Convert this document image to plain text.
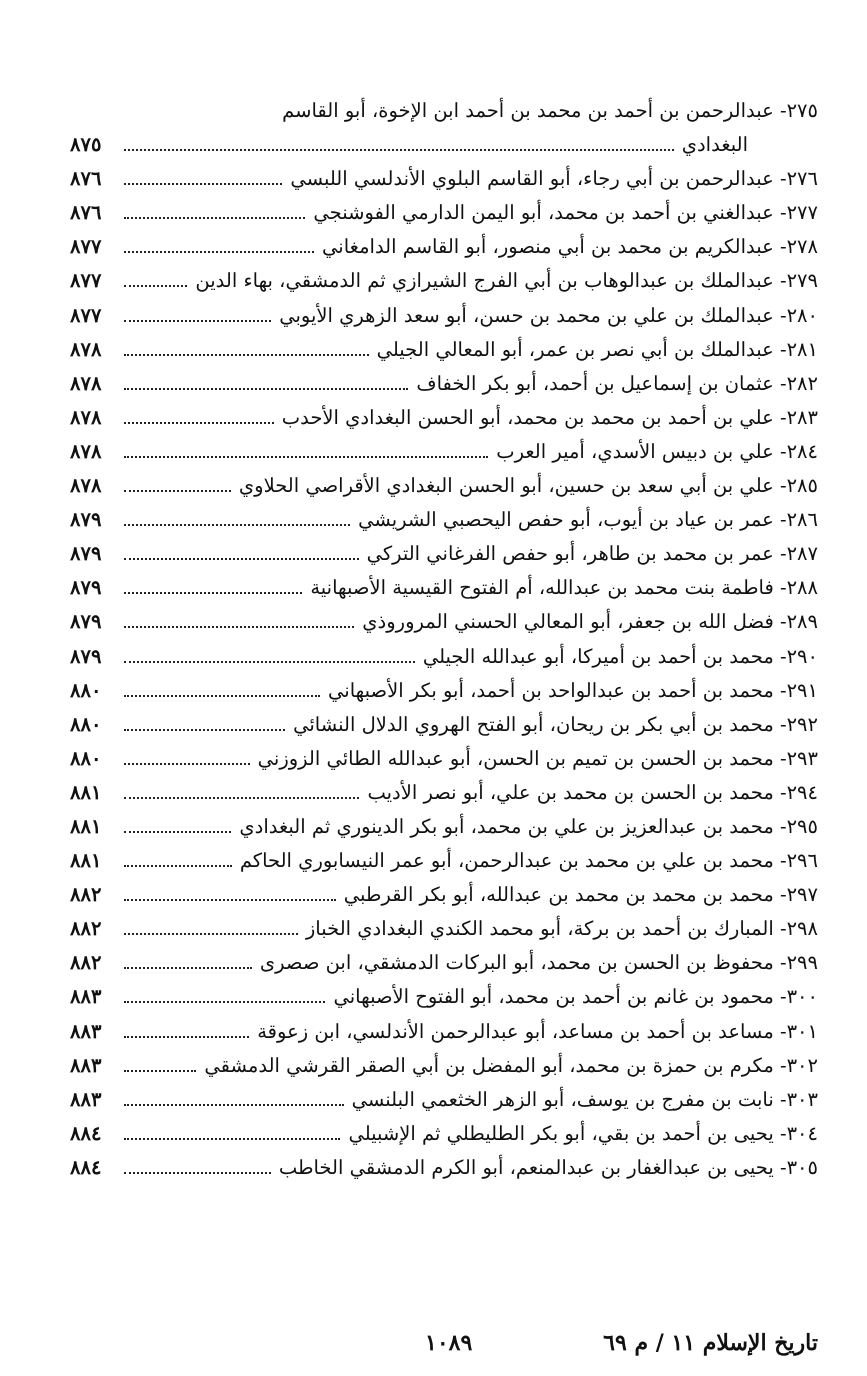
٢٧٥- عبدالرحمن بن أحمد بن محمد بن أحمد ابن الإخوة، أبو القاسم
البغدادي
٨٧٥
٢٧٦- عبدالرحمن بن أبي رجاء، أبو القاسم البلوي الأندلسي اللبسي
٨٧٦
٢٧٧- عبدالغني بن أحمد بن محمد، أبو اليمن الدارمي الفوشنجي
٨٧٦
٢٧٨- عبدالكريم بن محمد بن أبي منصور، أبو القاسم الدامغاني
٨٧٧
٢٧٩- عبدالملك بن عبدالوهاب بن أبي الفرج الشيرازي ثم الدمشقي، بهاء الدين
٨٧٧
٢٨٠- عبدالملك بن علي بن محمد بن حسن، أبو سعد الزهري الأيوبي
٨٧٧
٢٨١- عبدالملك بن أبي نصر بن عمر، أبو المعالي الجيلي
٨٧٨
٢٨٢- عثمان بن إسماعيل بن أحمد، أبو بكر الخفاف
٨٧٨
٢٨٣- علي بن أحمد بن محمد بن محمد، أبو الحسن البغدادي الأحدب
٨٧٨
٢٨٤- علي بن دبيس الأسدي، أمير العرب
٨٧٨
٢٨٥- علي بن أبي سعد بن حسين، أبو الحسن البغدادي الأقراصي الحلاوي
٨٧٨
٢٨٦- عمر بن عياد بن أيوب، أبو حفص اليحصبي الشريشي
٨٧٩
٢٨٧- عمر بن محمد بن طاهر، أبو حفص الفرغاني التركي
٨٧٩
٢٨٨- فاطمة بنت محمد بن عبدالله، أم الفتوح القيسية الأصبهانية
٨٧٩
٢٨٩- فضل الله بن جعفر، أبو المعالي الحسني المروروذي
٨٧٩
٢٩٠- محمد بن أحمد بن أميركا، أبو عبدالله الجيلي
٨٧٩
٢٩١- محمد بن أحمد بن عبدالواحد بن أحمد، أبو بكر الأصبهاني
٨٨٠
٢٩٢- محمد بن أبي بكر بن ريحان، أبو الفتح الهروي الدلال النشائي
٨٨٠
٢٩٣- محمد بن الحسن بن تميم بن الحسن، أبو عبدالله الطائي الزوزني
٨٨٠
٢٩٤- محمد بن الحسن بن محمد بن علي، أبو نصر الأديب
٨٨١
٢٩٥- محمد بن عبدالعزيز بن علي بن محمد، أبو بكر الدينوري ثم البغدادي
٨٨١
٢٩٦- محمد بن علي بن محمد بن عبدالرحمن، أبو عمر النيسابوري الحاكم
٨٨١
٢٩٧- محمد بن محمد بن محمد بن عبدالله، أبو بكر القرطبي
٨٨٢
٢٩٨- المبارك بن أحمد بن بركة، أبو محمد الكندي البغدادي الخباز
٨٨٢
٢٩٩- محفوظ بن الحسن بن محمد، أبو البركات الدمشقي، ابن صصرى
٨٨٢
٣٠٠- محمود بن غانم بن أحمد بن محمد، أبو الفتوح الأصبهاني
٨٨٣
٣٠١- مساعد بن أحمد بن مساعد، أبو عبدالرحمن الأندلسي، ابن زعوقة
٨٨٣
٣٠٢- مكرم بن حمزة بن محمد، أبو المفضل بن أبي الصقر القرشي الدمشقي
٨٨٣
٣٠٣- نابت بن مفرج بن يوسف، أبو الزهر الخثعمي البلنسي
٨٨٣
٣٠٤- يحيى بن أحمد بن بقي، أبو بكر الطليطلي ثم الإشبيلي
٨٨٤
٣٠٥- يحيى بن عبدالغفار بن عبدالمنعم، أبو الكرم الدمشقي الخاطب
٨٨٤
تاريخ الإسلام ١١ / م ٦٩
١٠٨٩
